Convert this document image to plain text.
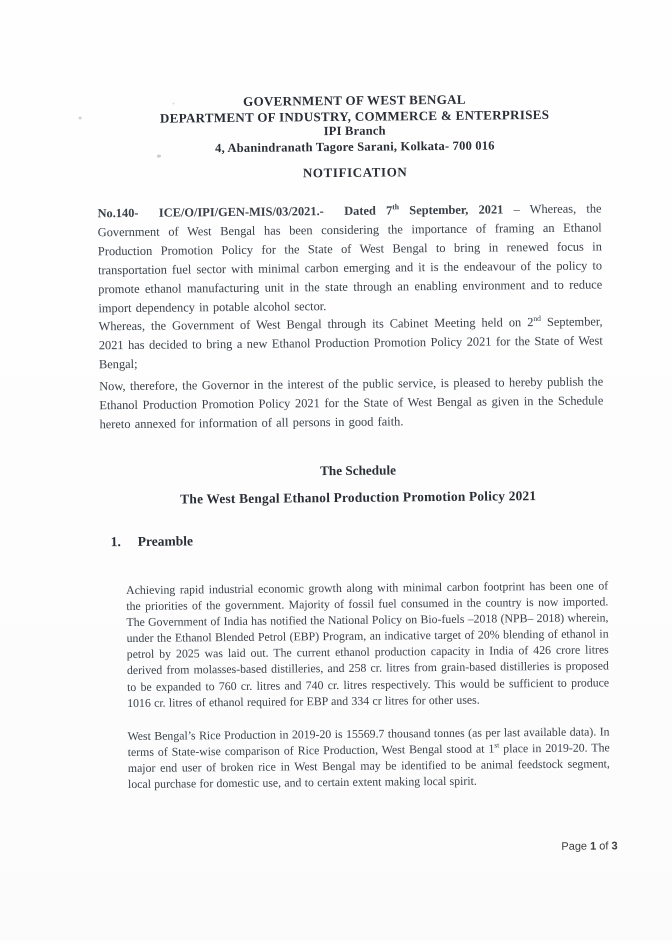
GOVERNMENT OF WEST BENGAL
DEPARTMENT OF INDUSTRY, COMMERCE & ENTERPRISES
IPI Branch
4, Abanindranath Tagore Sarani, Kolkata- 700 016
NOTIFICATION

No.140-  ICE/O/IPI/GEN-MIS/03/2021.-  Dated 7th September, 2021 – Whereas, the Government of West Bengal has been considering the importance of framing an Ethanol Production Promotion Policy for the State of West Bengal to bring in renewed focus in transportation fuel sector with minimal carbon emerging and it is the endeavour of the policy to promote ethanol manufacturing unit in the state through an enabling environment and to reduce import dependency in potable alcohol sector.

Whereas, the Government of West Bengal through its Cabinet Meeting held on 2nd September, 2021 has decided to bring a new Ethanol Production Promotion Policy 2021 for the State of West Bengal;

Now, therefore, the Governor in the interest of the public service, is pleased to hereby publish the Ethanol Production Promotion Policy 2021 for the State of West Bengal as given in the Schedule hereto annexed for information of all persons in good faith.

The Schedule
The West Bengal Ethanol Production Promotion Policy 2021
1. Preamble

Achieving rapid industrial economic growth along with minimal carbon footprint has been one of the priorities of the government. Majority of fossil fuel consumed in the country is now imported. The Government of India has notified the National Policy on Bio-fuels –2018 (NPB– 2018) wherein, under the Ethanol Blended Petrol (EBP) Program, an indicative target of 20% blending of ethanol in petrol by 2025 was laid out. The current ethanol production capacity in India of 426 crore litres derived from molasses-based distilleries, and 258 cr. litres from grain-based distilleries is proposed to be expanded to 760 cr. litres and 740 cr. litres respectively. This would be sufficient to produce 1016 cr. litres of ethanol required for EBP and 334 cr litres for other uses.

West Bengal’s Rice Production in 2019-20 is 15569.7 thousand tonnes (as per last available data). In terms of State-wise comparison of Rice Production, West Bengal stood at 1st place in 2019-20. The major end user of broken rice in West Bengal may be identified to be animal feedstock segment, local purchase for domestic use, and to certain extent making local spirit.

Page 1 of 3
